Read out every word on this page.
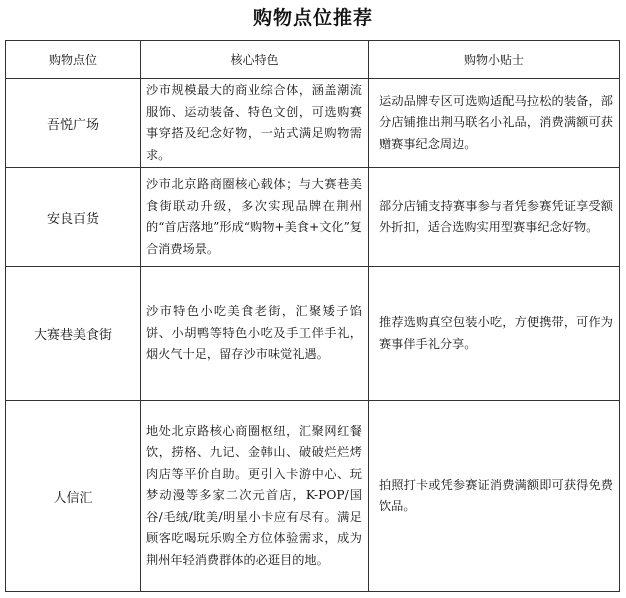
购物点位推荐
购物点位	核心特色	购物小贴士
吾悦广场	沙市规模最大的商业综合体，涵盖潮流服饰、运动装备、特色文创，可选购赛事穿搭及纪念好物，一站式满足购物需求。	运动品牌专区可选购适配马拉松的装备，部分店铺推出荆马联名小礼品，消费满额可获赠赛事纪念周边。
安良百货	沙市北京路商圈核心载体；与大赛巷美食街联动升级，多次实现品牌在荆州的“首店落地”形成“购物+美食+文化”复合消费场景。	部分店铺支持赛事参与者凭参赛凭证享受额外折扣，适合选购实用型赛事纪念好物。
大赛巷美食街	沙市特色小吃美食老街，汇聚矮子馅饼、小胡鸭等特色小吃及手工伴手礼，烟火气十足，留存沙市味觉礼遇。	推荐选购真空包装小吃，方便携带，可作为赛事伴手礼分享。
人信汇	地处北京路核心商圈枢纽，汇聚网红餐饮，捞格、九记、金韩山、破破烂烂烤肉店等平价自助。更引入卡游中心、玩梦动漫等多家二次元首店，K-POP/国谷/毛绒/耽美/明星小卡应有尽有。满足顾客吃喝玩乐购全方位体验需求，成为荆州年轻消费群体的必逛目的地。	拍照打卡或凭参赛证消费满额即可获得免费饮品。
